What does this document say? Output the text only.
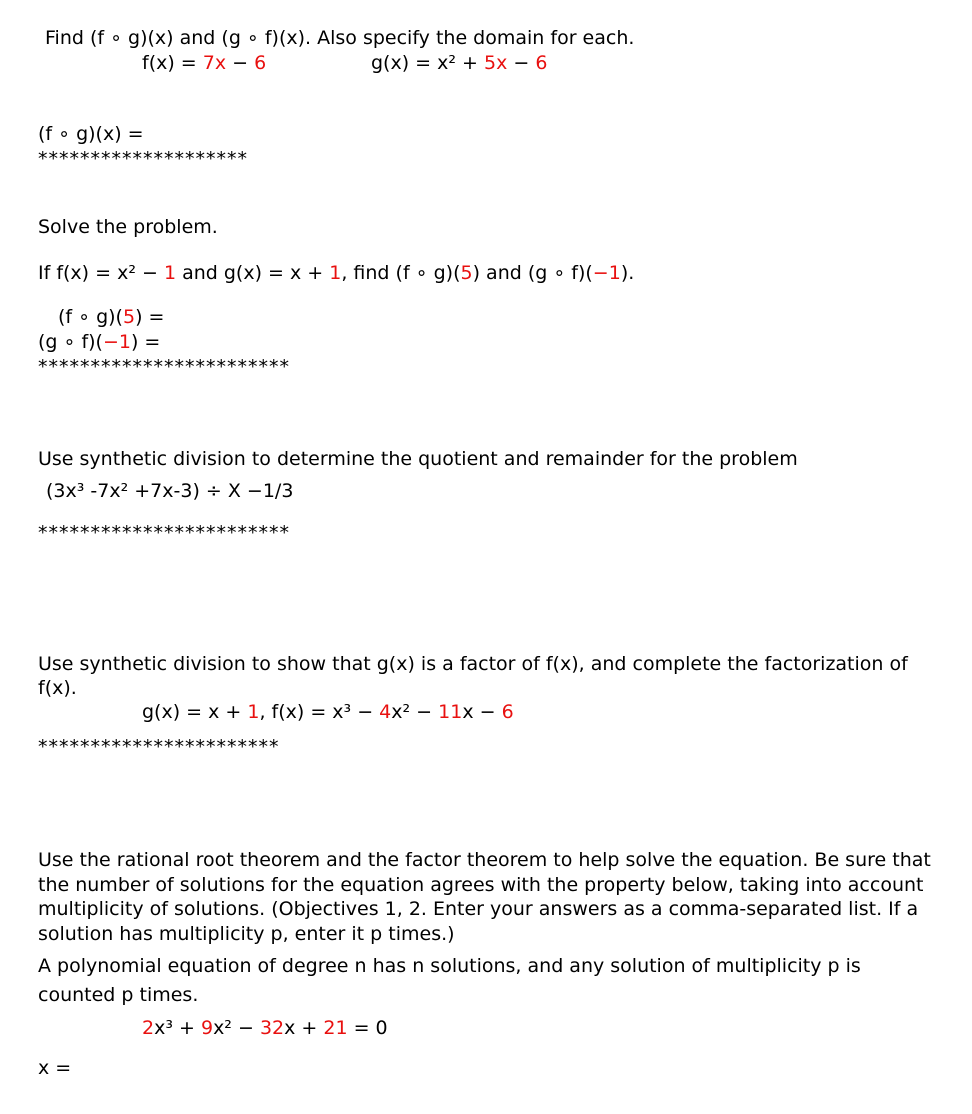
Find (f ∘ g)(x) and (g ∘ f)(x). Also specify the domain for each.
f(x) = 7x − 6	g(x) = x² + 5x − 6
(f ∘ g)(x) =
********************
Solve the problem.
If f(x) = x² − 1 and g(x) = x + 1, find (f ∘ g)(5) and (g ∘ f)(−1).
(f ∘ g)(5) =
(g ∘ f)(−1) =
************************
Use synthetic division to determine the quotient and remainder for the problem
(3x³ -7x² +7x-3) ÷ X −1/3
************************
Use synthetic division to show that g(x) is a factor of f(x), and complete the factorization of f(x).
g(x) = x + 1, f(x) = x³ − 4x² − 11x − 6
***********************
Use the rational root theorem and the factor theorem to help solve the equation. Be sure that the number of solutions for the equation agrees with the property below, taking into account multiplicity of solutions. (Objectives 1, 2. Enter your answers as a comma-separated list. If a solution has multiplicity p, enter it p times.)
A polynomial equation of degree n has n solutions, and any solution of multiplicity p is counted p times.
2x³ + 9x² − 32x + 21 = 0
x =
